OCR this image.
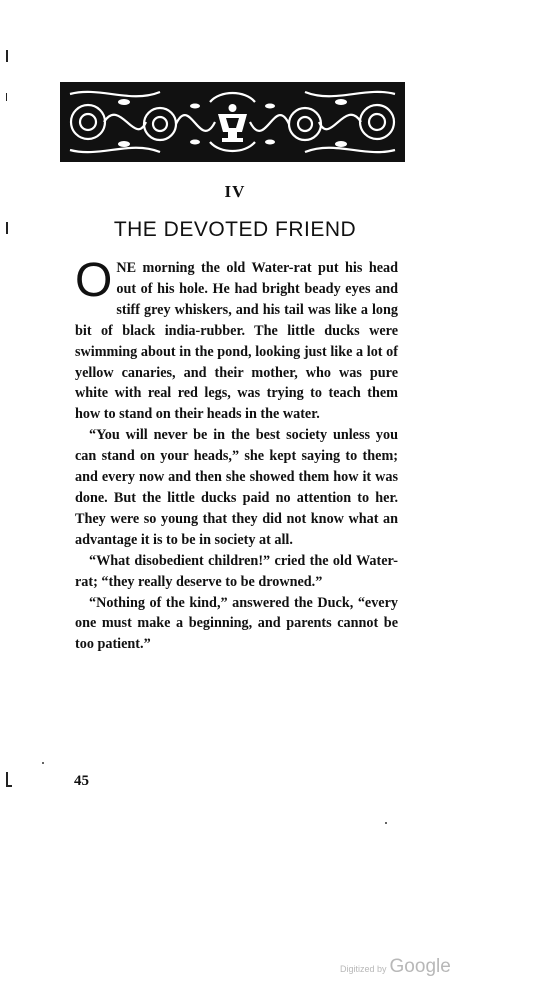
IV
THE DEVOTED FRIEND

ONE morning the old Water-rat put his head out of his hole. He had bright beady eyes and stiff grey whiskers, and his tail was like a long bit of black india-rubber. The little ducks were swimming about in the pond, looking just like a lot of yellow canaries, and their mother, who was pure white with real red legs, was trying to teach them how to stand on their heads in the water.

“You will never be in the best society unless you can stand on your heads,” she kept saying to them; and every now and then she showed them how it was done. But the little ducks paid no attention to her. They were so young that they did not know what an advantage it is to be in society at all.

“What disobedient children!” cried the old Water-rat; “they really deserve to be drowned.”

“Nothing of the kind,” answered the Duck, “every one must make a beginning, and parents cannot be too patient.”

45
Digitized by Google
